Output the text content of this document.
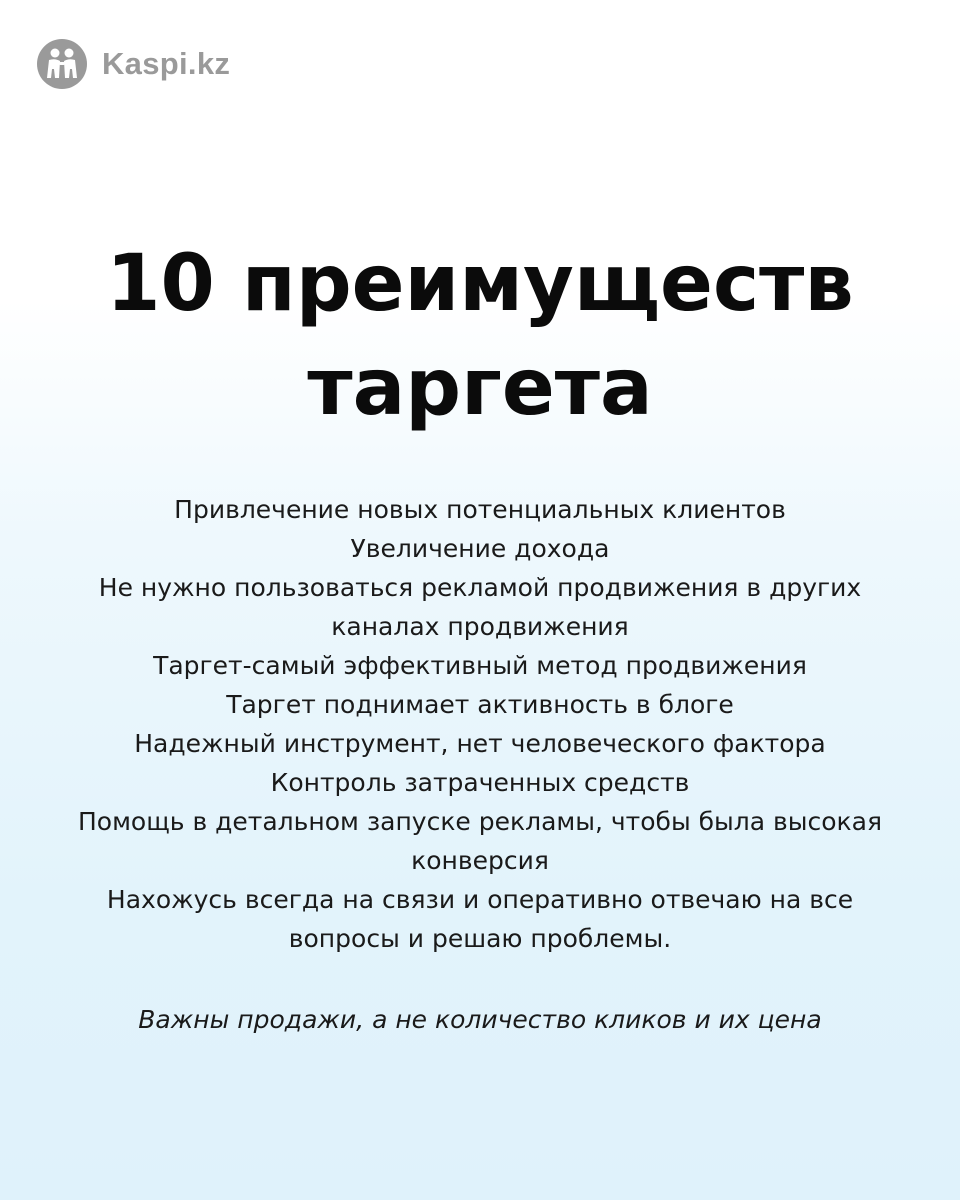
Kaspi.kz
10 преимуществ
таргета
Привлечение новых потенциальных клиентов
Увеличение дохода
Не нужно пользоваться рекламой продвижения в других каналах продвижения
Таргет-самый эффективный метод продвижения
Таргет поднимает активность в блоге
Надежный инструмент, нет человеческого фактора
Контроль затраченных средств
Помощь в детальном запуске рекламы, чтобы была высокая конверсия
Нахожусь всегда на связи и оперативно отвечаю на все вопросы и решаю проблемы.

Важны продажи, а не количество кликов и их цена
